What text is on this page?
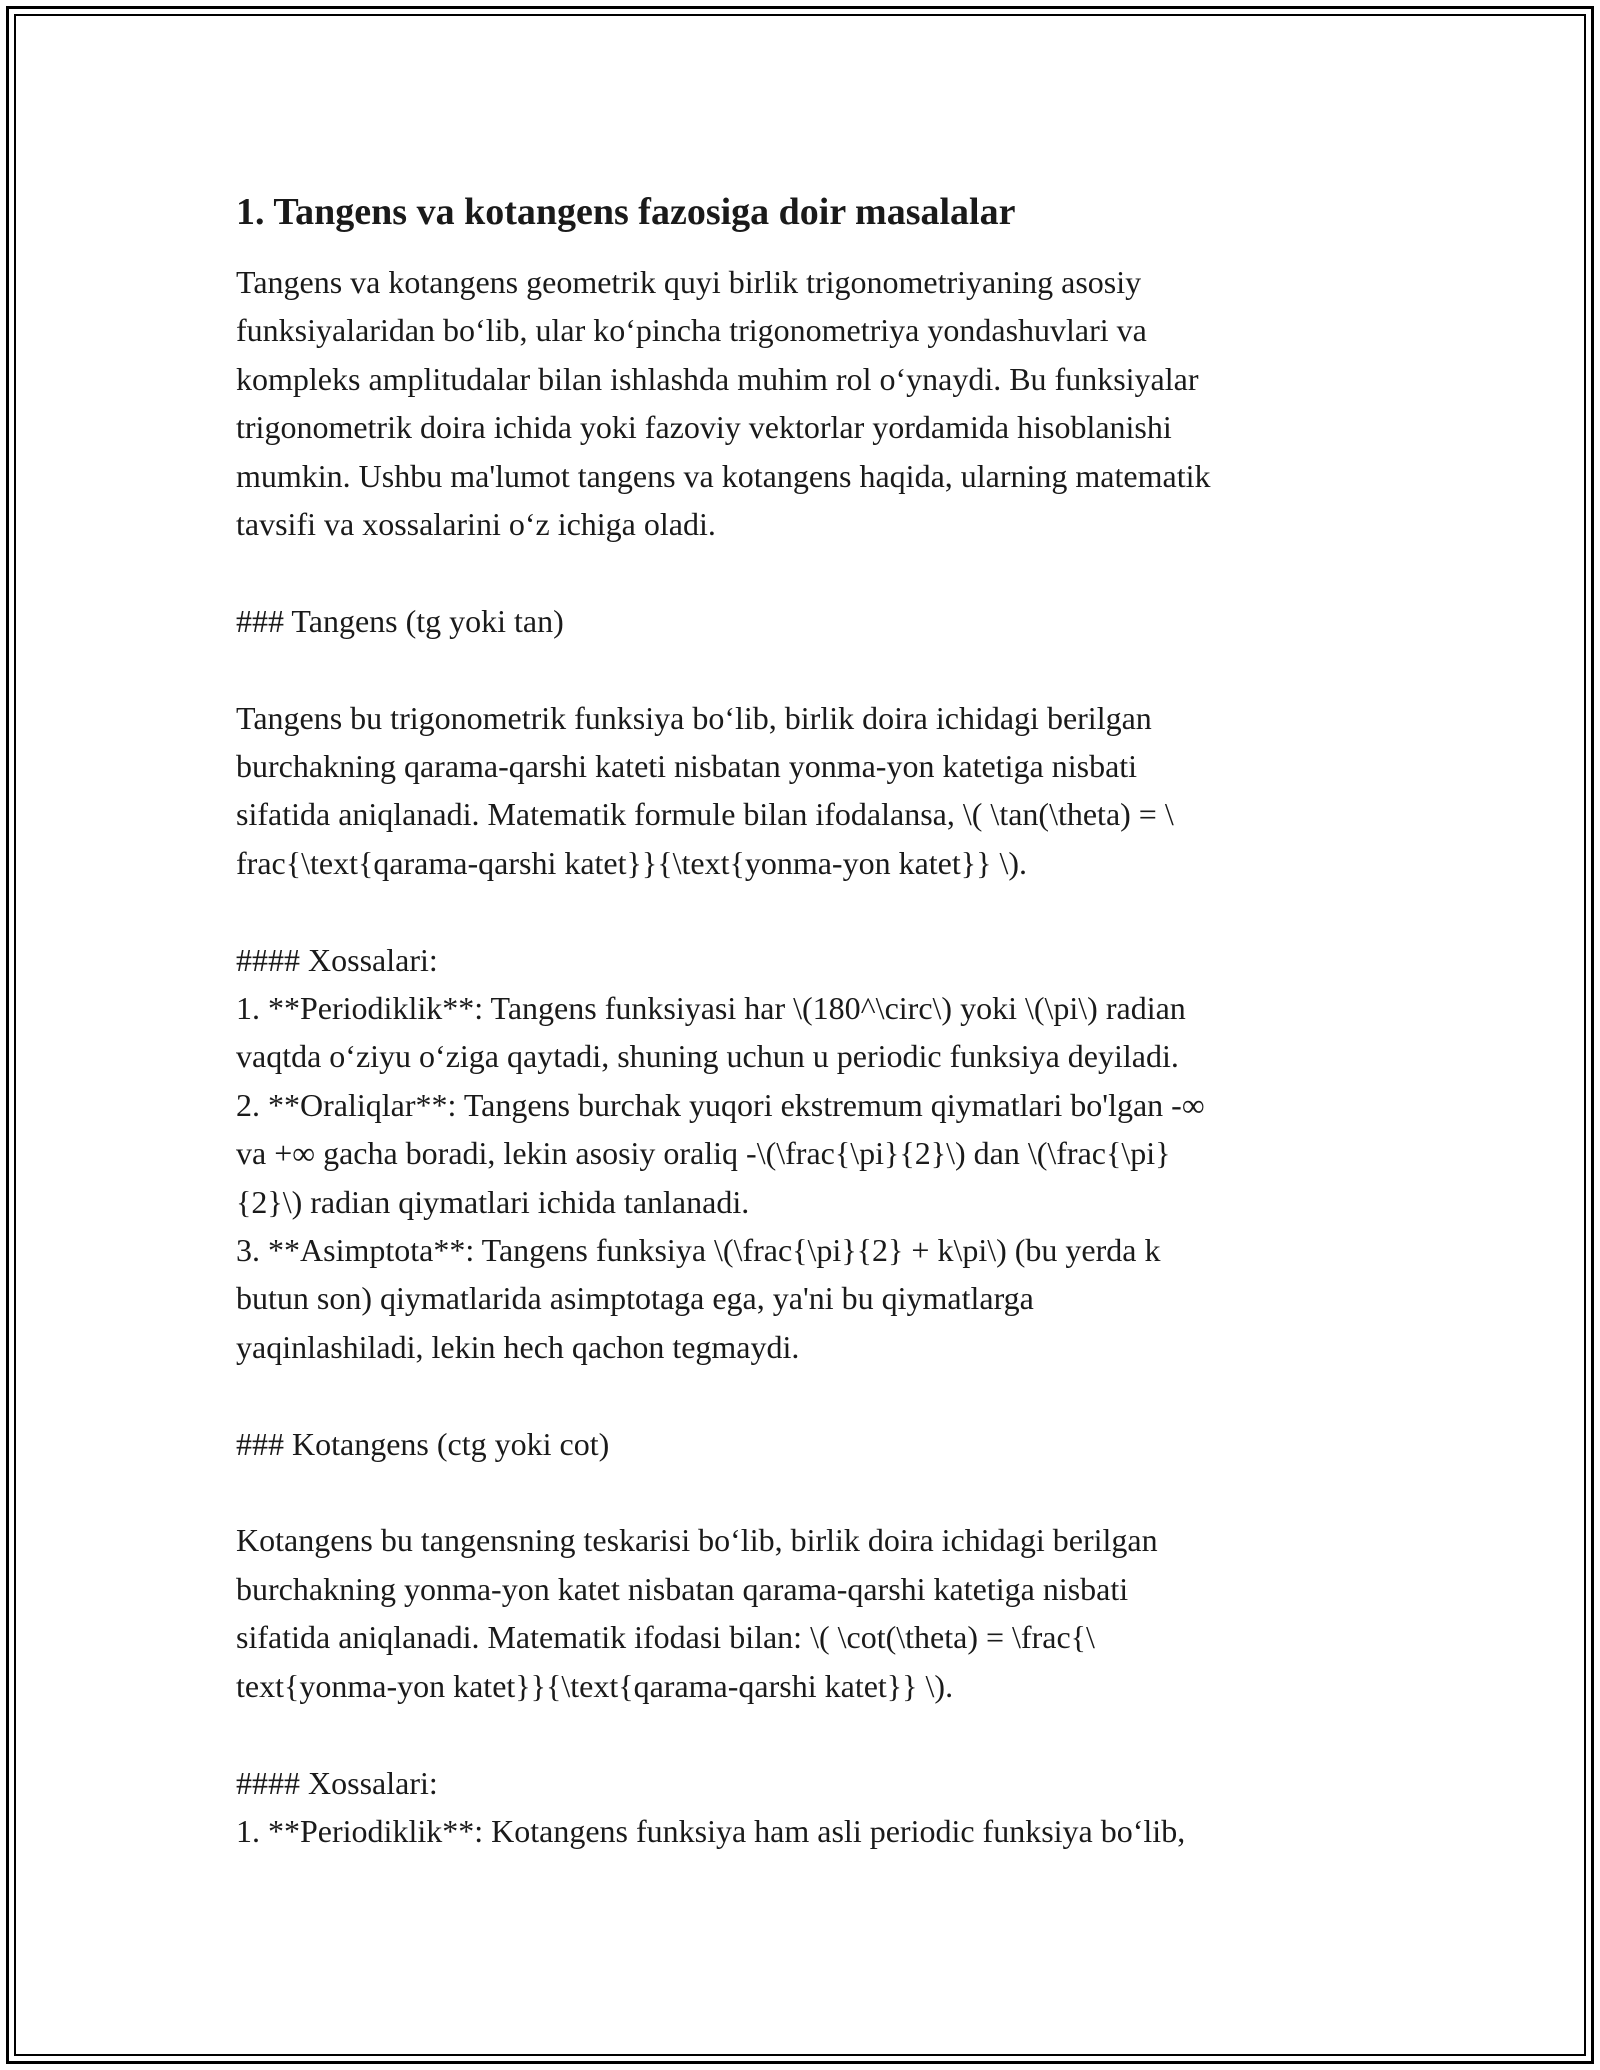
1. Tangens va kotangens fazosiga doir masalalar

Tangens va kotangens geometrik quyi birlik trigonometriyaning asosiy
funksiyalaridan bo‘lib, ular ko‘pincha trigonometriya yondashuvlari va
kompleks amplitudalar bilan ishlashda muhim rol o‘ynaydi. Bu funksiyalar
trigonometrik doira ichida yoki fazoviy vektorlar yordamida hisoblanishi
mumkin. Ushbu ma'lumot tangens va kotangens haqida, ularning matematik
tavsifi va xossalarini o‘z ichiga oladi.

### Tangens (tg yoki tan)

Tangens bu trigonometrik funksiya bo‘lib, birlik doira ichidagi berilgan
burchakning qarama-qarshi kateti nisbatan yonma-yon katetiga nisbati
sifatida aniqlanadi. Matematik formule bilan ifodalansa, \( \tan(\theta) = \
frac{\text{qarama-qarshi katet}}{\text{yonma-yon katet}} \).

#### Xossalari:
1. **Periodiklik**: Tangens funksiyasi har \(180^\circ\) yoki \(\pi\) radian
vaqtda o‘ziyu o‘ziga qaytadi, shuning uchun u periodic funksiya deyiladi.
2. **Oraliqlar**: Tangens burchak yuqori ekstremum qiymatlari bo'lgan -∞
va +∞ gacha boradi, lekin asosiy oraliq -\(\frac{\pi}{2}\) dan \(\frac{\pi}
{2}\) radian qiymatlari ichida tanlanadi.
3. **Asimptota**: Tangens funksiya \(\frac{\pi}{2} + k\pi\) (bu yerda k
butun son) qiymatlarida asimptotaga ega, ya'ni bu qiymatlarga
yaqinlashiladi, lekin hech qachon tegmaydi.

### Kotangens (ctg yoki cot)

Kotangens bu tangensning teskarisi bo‘lib, birlik doira ichidagi berilgan
burchakning yonma-yon katet nisbatan qarama-qarshi katetiga nisbati
sifatida aniqlanadi. Matematik ifodasi bilan: \( \cot(\theta) = \frac{\
text{yonma-yon katet}}{\text{qarama-qarshi katet}} \).

#### Xossalari:
1. **Periodiklik**: Kotangens funksiya ham asli periodic funksiya bo‘lib,
